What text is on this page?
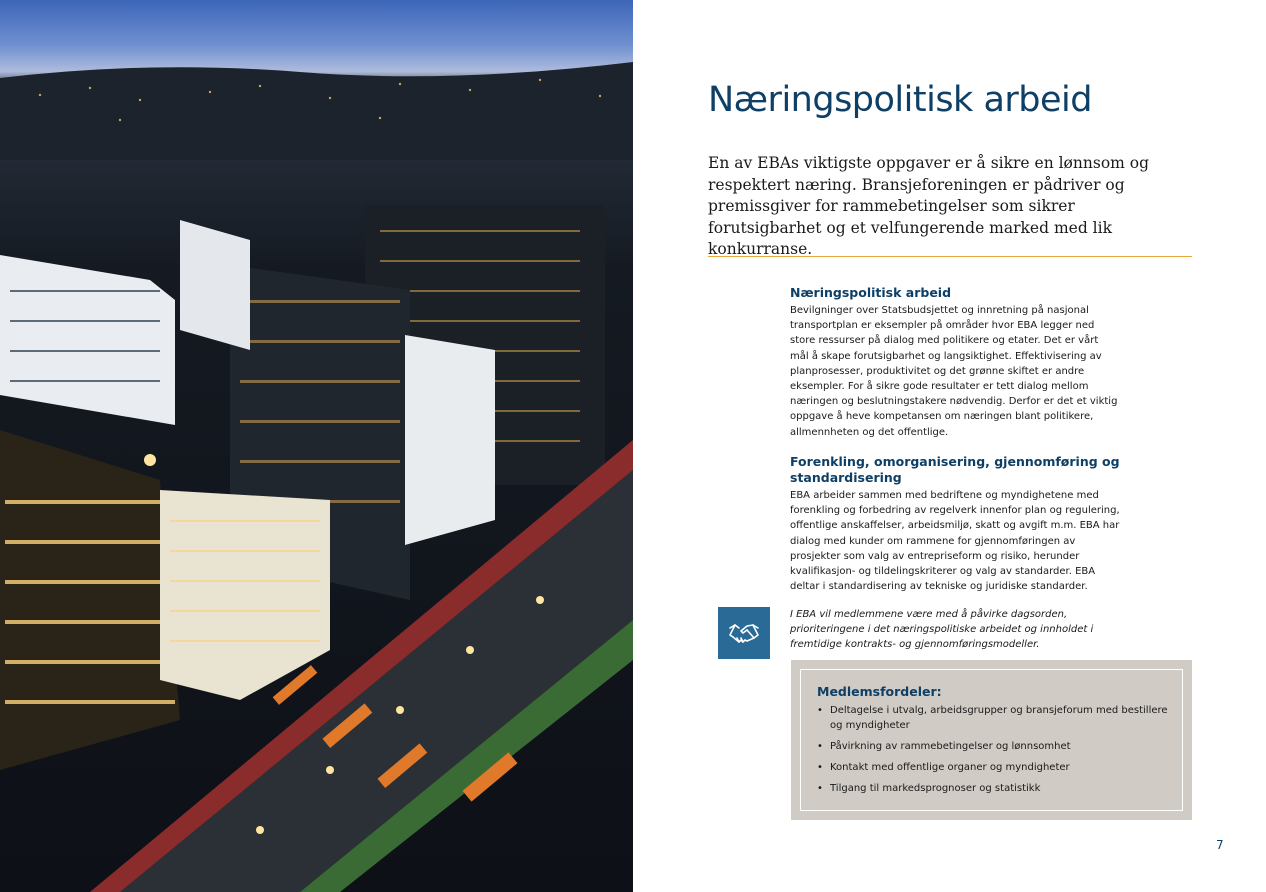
Næringspolitisk arbeid

En av EBAs viktigste oppgaver er å sikre en lønnsom og respektert næring. Bransjeforeningen er pådriver og premissgiver for rammebetingelser som sikrer forutsigbarhet og et velfungerende marked med lik konkurranse.

Næringspolitisk arbeid

Bevilgninger over Statsbudsjettet og innretning på nasjonal transportplan er eksempler på områder hvor EBA legger ned store ressurser på dialog med politikere og etater. Det er vårt mål å skape forutsigbarhet og langsiktighet. Effektivisering av planprosesser, produktivitet og det grønne skiftet er andre eksempler. For å sikre gode resultater er tett dialog mellom næringen og beslutningstakere nødvendig. Derfor er det et viktig oppgave å heve kompetansen om næringen blant politikere, allmennheten og det offentlige.

Forenkling, omorganisering, gjennomføring og standardisering

EBA arbeider sammen med bedriftene og myndighetene med forenkling og forbedring av regelverk innenfor plan og regulering, offentlige anskaffelser, arbeidsmiljø, skatt og avgift m.m. EBA har dialog med kunder om rammene for gjennomføringen av prosjekter som valg av entrepriseform og risiko, herunder kvalifikasjon- og tildelingskriterer og valg av standarder. EBA deltar i standardisering av tekniske og juridiske standarder.

I EBA vil medlemmene være med å påvirke dagsorden, prioriteringene i det næringspolitiske arbeidet og innholdet i fremtidige kontrakts- og gjennomføringsmodeller.

Medlemsfordeler:
• Deltagelse i utvalg, arbeidsgrupper og bransjeforum med bestillere og myndigheter
• Påvirkning av rammebetingelser og lønnsomhet
• Kontakt med offentlige organer og myndigheter
• Tilgang til markedsprognoser og statistikk
7
